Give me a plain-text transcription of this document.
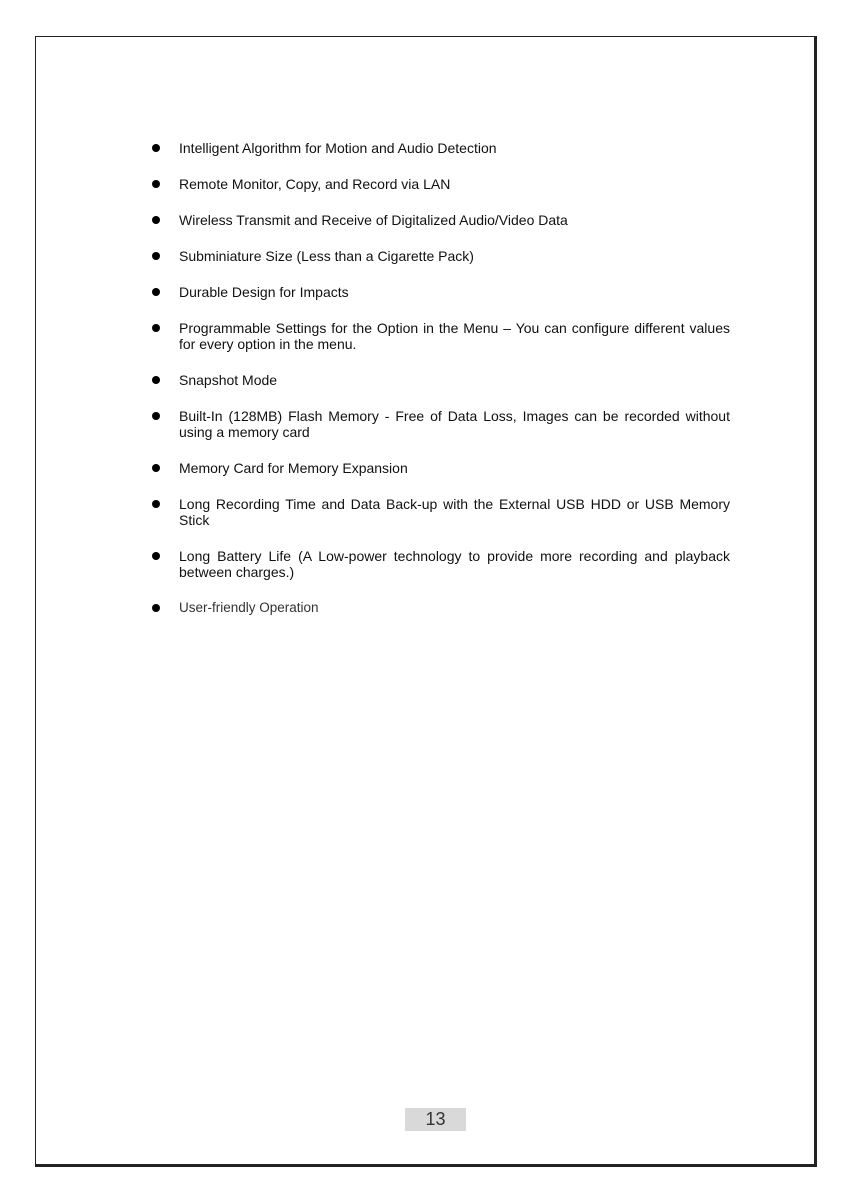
Intelligent Algorithm for Motion and Audio Detection
Remote Monitor, Copy, and Record via LAN
Wireless Transmit and Receive of Digitalized Audio/Video Data
Subminiature Size (Less than a Cigarette Pack)
Durable Design for Impacts
Programmable Settings for the Option in the Menu – You can configure different values for every option in the menu.
Snapshot Mode
Built-In (128MB) Flash Memory - Free of Data Loss, Images can be recorded without using a memory card
Memory Card for Memory Expansion
Long Recording Time and Data Back-up with the External USB HDD or USB Memory Stick
Long Battery Life (A Low-power technology to provide more recording and playback between charges.)
User-friendly Operation
13
